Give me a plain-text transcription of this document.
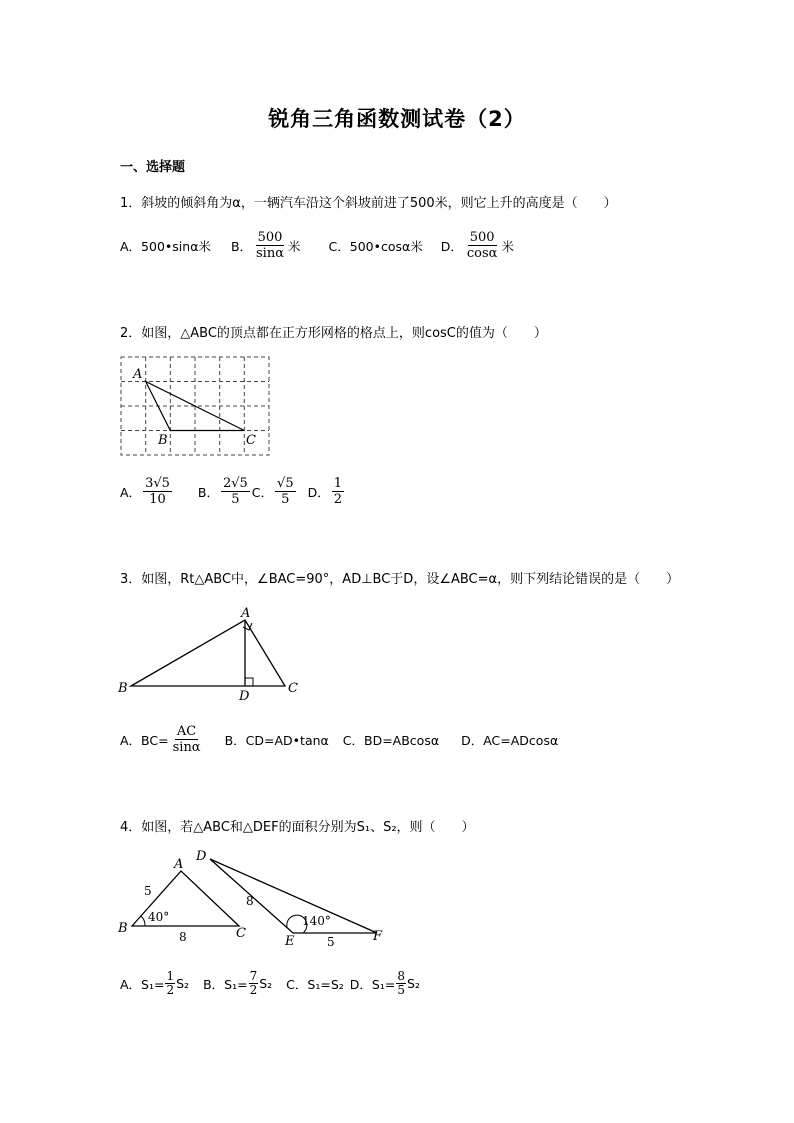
锐角三角函数测试卷（2）
一、选择题
1．斜坡的倾斜角为α，一辆汽车沿这个斜坡前进了500米，则它上升的高度是（　　）
A．500•sinα米 B． $\frac{500}{\sin\alpha}$ 米 C．500•cosα米 D． $\frac{500}{\cos\alpha}$ 米
2．如图，△ABC的顶点都在正方形网格的格点上，则cosC的值为（　　）
A
B	C
A． $\frac{3√5}{10}$ B． $\frac{2√5}{5}$ C． $\frac{√5}{5}$ D． $\frac{1}{2}$
3．如图，Rt△ABC中，∠BAC=90°，AD⊥BC于D，设∠ABC=α，则下列结论错误的是（　　）
A
B	C
D
A．$BC= \frac{AC}{\sin\alpha}$ B．CD=AD•tanα C．BD=ABcosα D．AC=ADcosα
4．如图，若△ABC和△DEF的面积分别为S₁、S₂，则（　　）
A
B	C
5
8
40°
D
E	F
8
5
140°
A．$S_1= \frac{1}{2} S_2$ B．$S_1= \frac{7}{2} S_2$ C．S₁=S₂ D．$S_1= \frac{8}{5} S_2$
